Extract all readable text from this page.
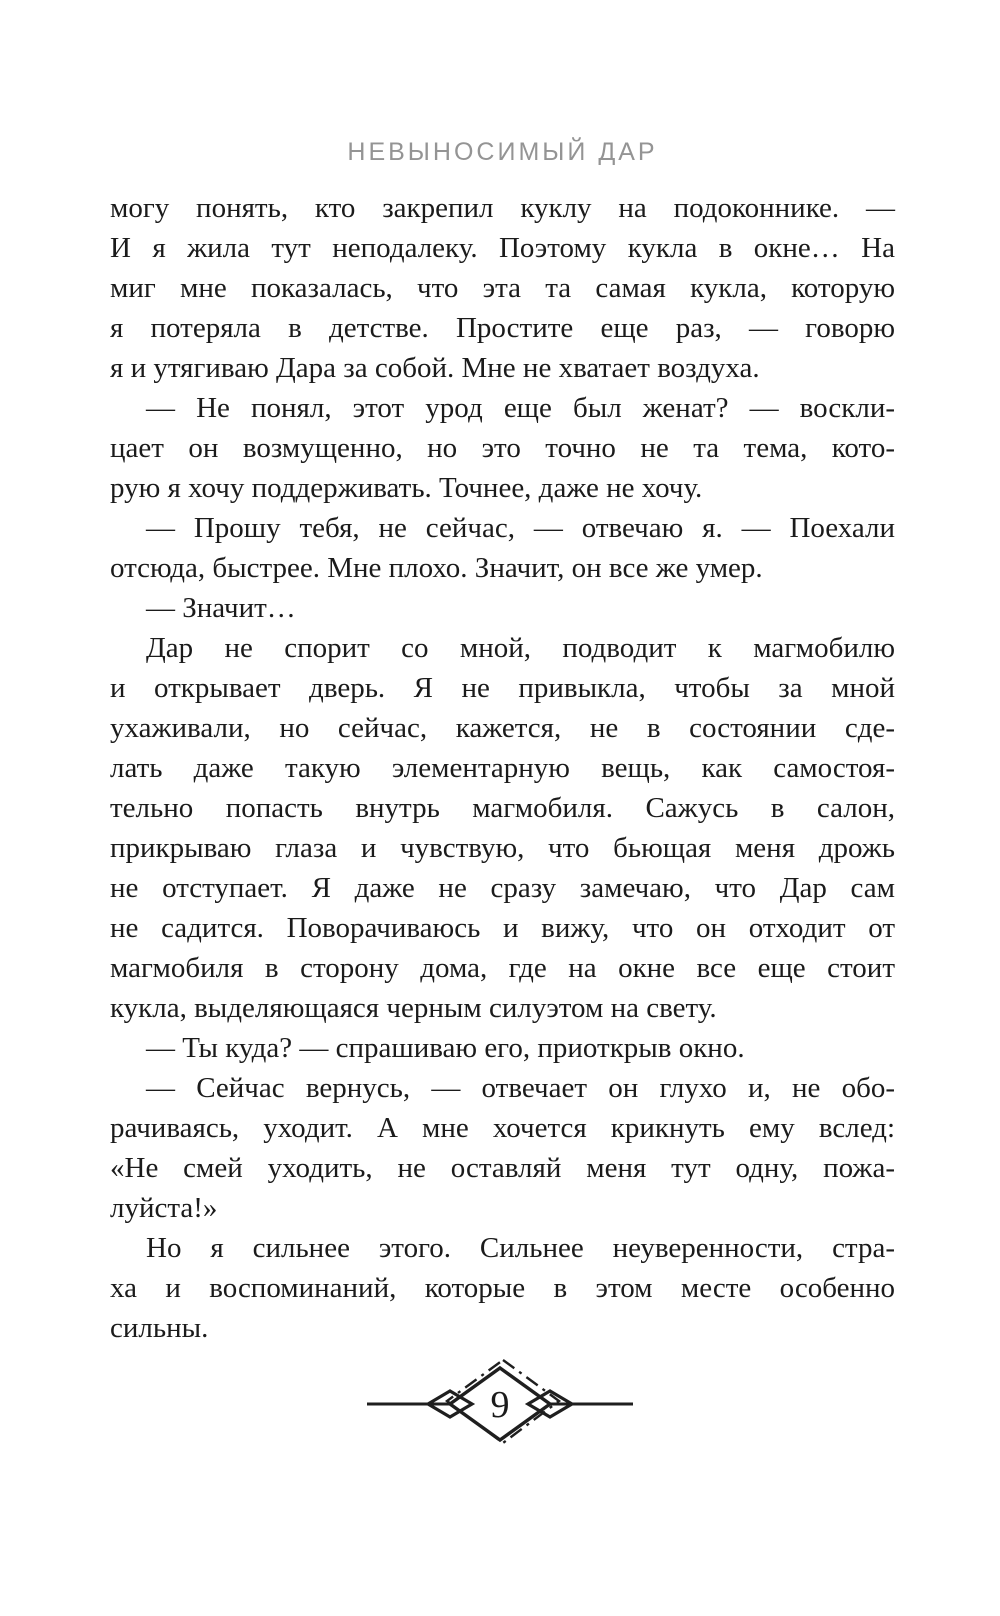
НЕВЫНОСИМЫЙ ДАР
могу понять, кто закрепил куклу на подоконнике. —
И я жила тут неподалеку. Поэтому кукла в окне… На
миг мне показалась, что эта та самая кукла, которую
я потеряла в детстве. Простите еще раз, — говорю
я и утягиваю Дара за собой. Мне не хватает воздуха.
— Не понял, этот урод еще был женат? — воскли-
цает он возмущенно, но это точно не та тема, кото-
рую я хочу поддерживать. Точнее, даже не хочу.
— Прошу тебя, не сейчас, — отвечаю я. — Поехали
отсюда, быстрее. Мне плохо. Значит, он все же умер.
— Значит…
Дар не спорит со мной, подводит к магмобилю
и открывает дверь. Я не привыкла, чтобы за мной
ухаживали, но сейчас, кажется, не в состоянии сде-
лать даже такую элементарную вещь, как самостоя-
тельно попасть внутрь магмобиля. Сажусь в салон,
прикрываю глаза и чувствую, что бьющая меня дрожь
не отступает. Я даже не сразу замечаю, что Дар сам
не садится. Поворачиваюсь и вижу, что он отходит от
магмобиля в сторону дома, где на окне все еще стоит
кукла, выделяющаяся черным силуэтом на свету.
— Ты куда? — спрашиваю его, приоткрыв окно.
— Сейчас вернусь, — отвечает он глухо и, не обо-
рачиваясь, уходит. А мне хочется крикнуть ему вслед:
«Не смей уходить, не оставляй меня тут одну, пожа-
луйста!»
Но я сильнее этого. Сильнее неуверенности, стра-
ха и воспоминаний, которые в этом месте особенно
сильны.
9
